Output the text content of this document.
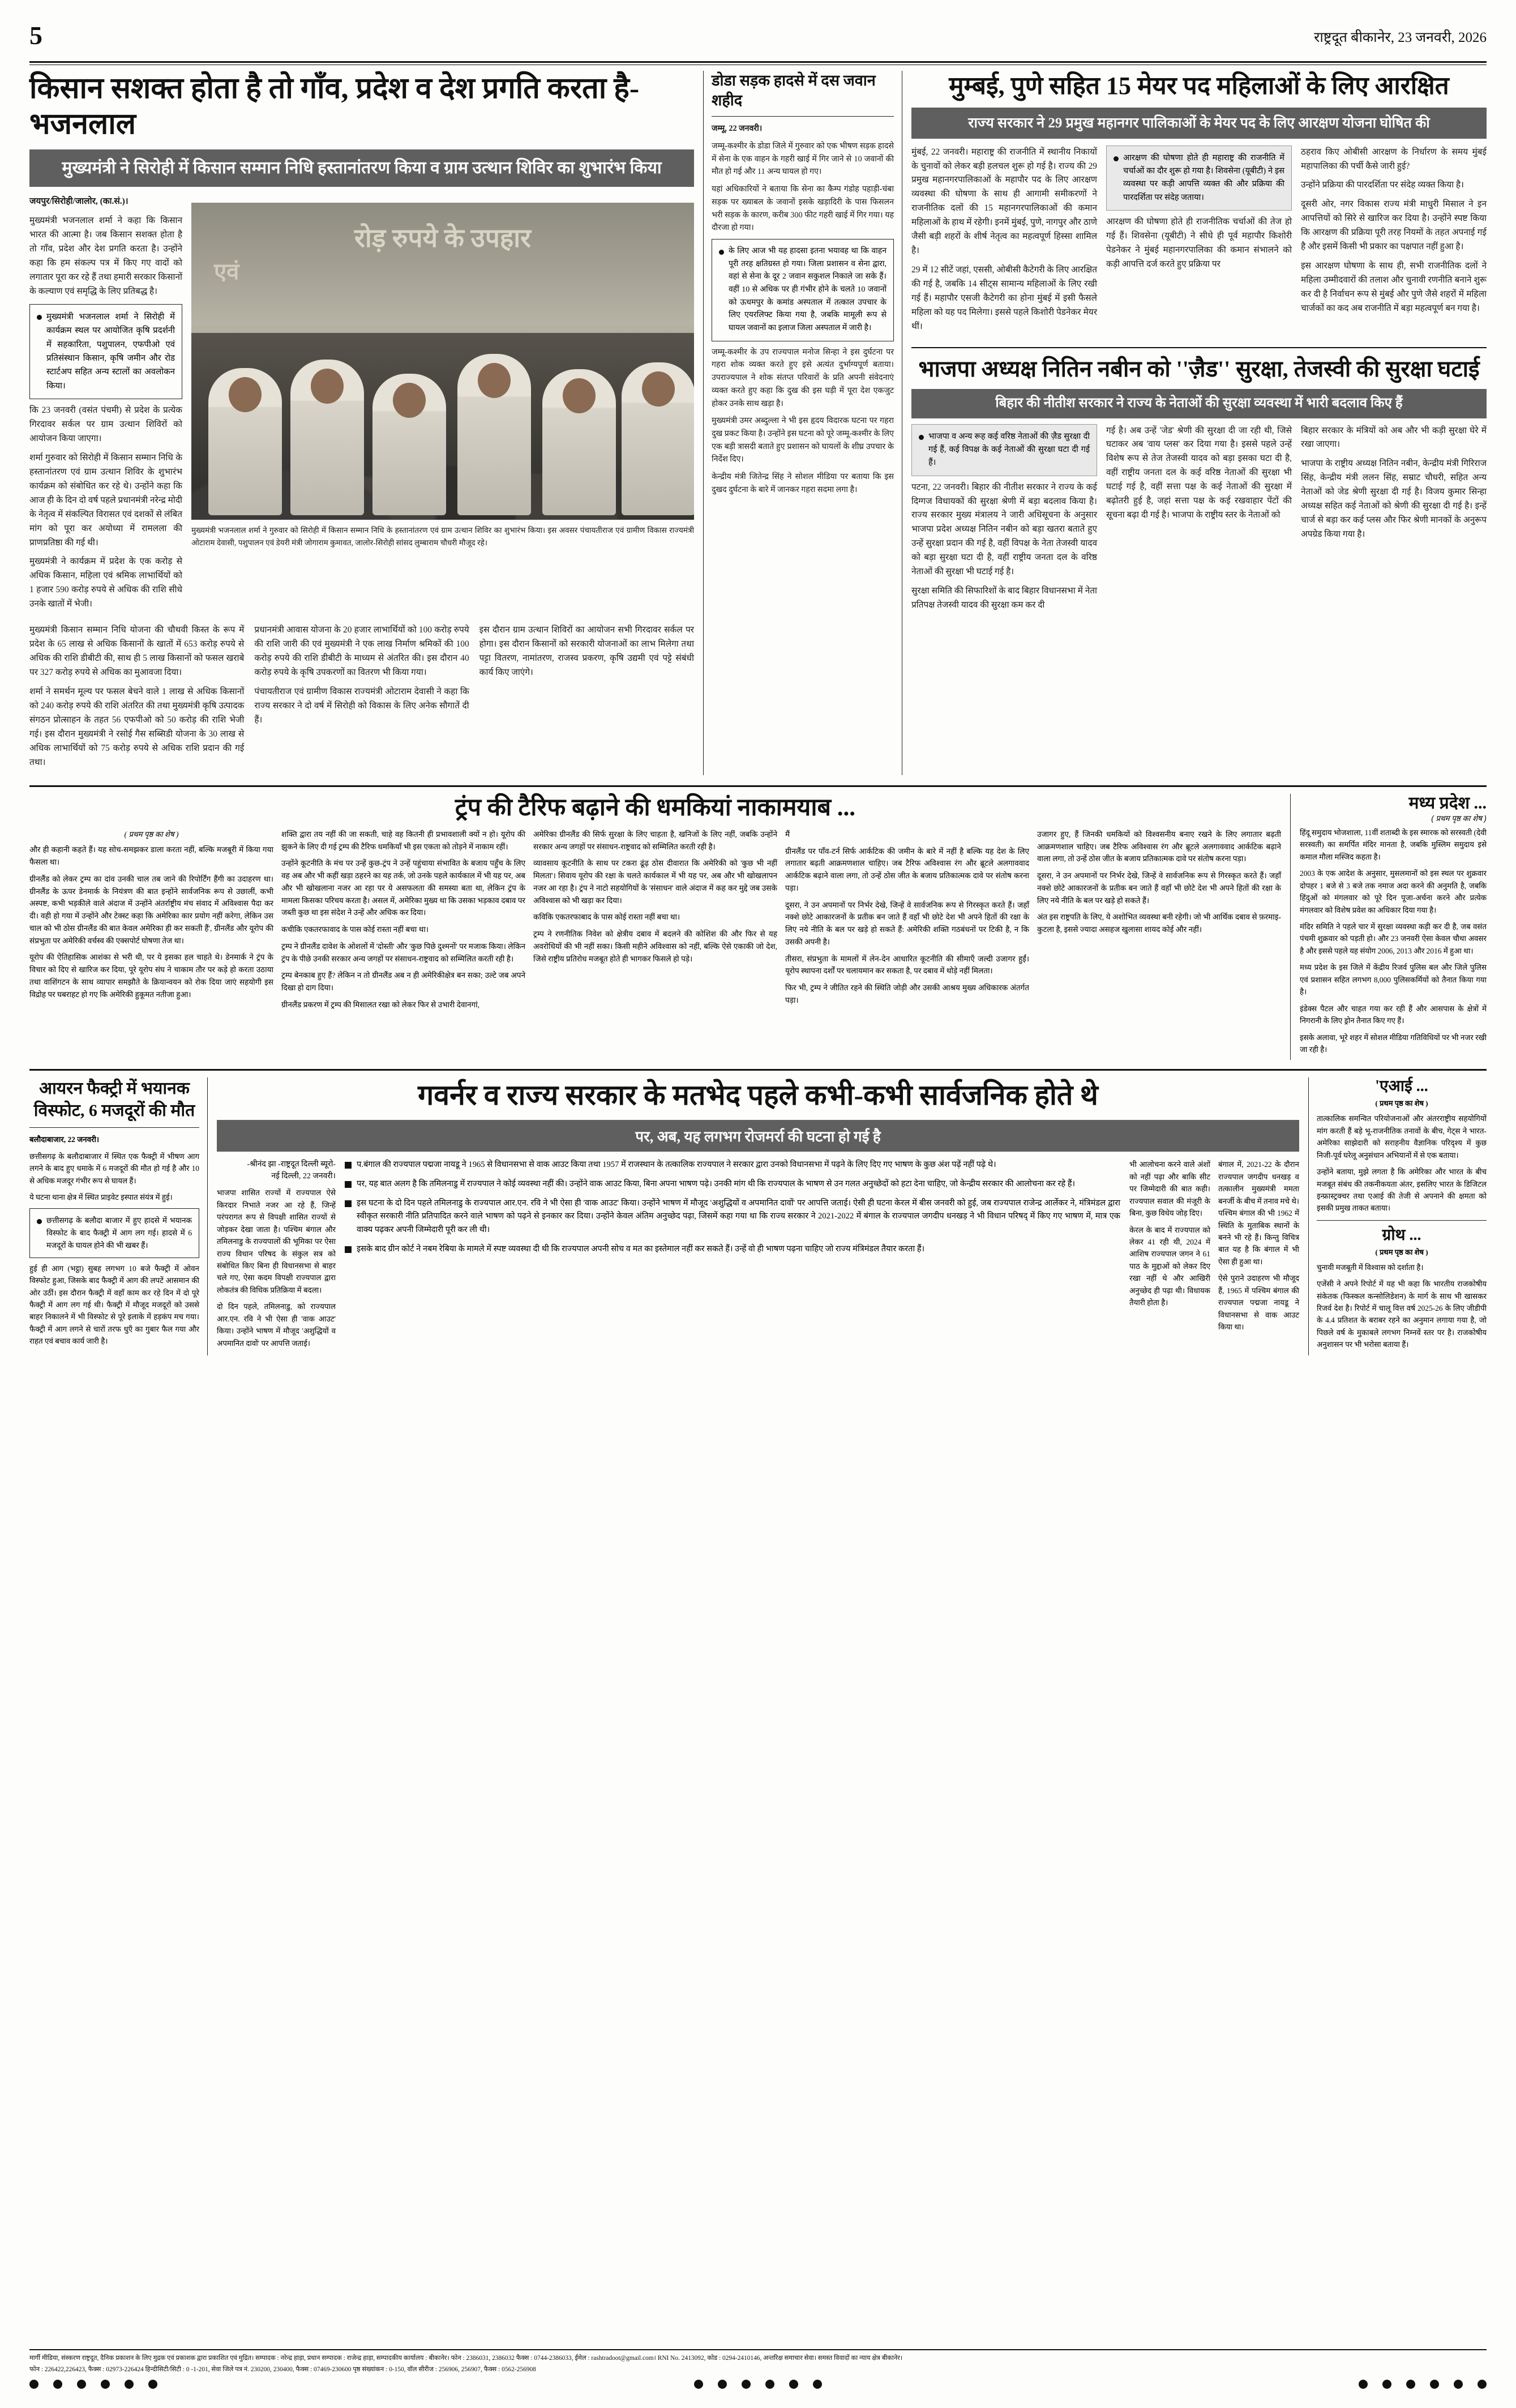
5	राष्ट्रदूत बीकानेर, 23 जनवरी, 2026
किसान सशक्त होता है तो गाँव, प्रदेश व देश प्रगति करता है- भजनलाल
मुख्यमंत्री ने सिरोही में किसान सम्मान निधि हस्तानांतरण किया व ग्राम उत्थान शिविर का शुभारंभ किया

जयपुर/सिरोही/जालोर, (का.सं.)।

मुख्यमंत्री भजनलाल शर्मा ने कहा कि किसान भारत की आत्मा है। जब किसान सशक्त होता है तो गाँव, प्रदेश और देश प्रगति करता है। उन्होंने कहा कि हम संकल्प पत्र में किए गए वादों को लगातार पूरा कर रहे हैं तथा हमारी सरकार किसानों के कल्याण एवं समृद्धि के लिए प्रतिबद्ध है।

मुख्यमंत्री भजनलाल शर्मा ने सिरोही में कार्यक्रम स्थल पर आयोजित कृषि प्रदर्शनी में सहकारिता, पशुपालन, एफपीओ एवं प्रतिसंस्थान किसान, कृषि जमीन और रोड स्टार्टअप सहित अन्य स्टालों का अवलोकन किया।

कि 23 जनवरी (वसंत पंचमी) से प्रदेश के प्रत्येक गिरदावर सर्कल पर ग्राम उत्थान शिविरों को आयोजन किया जाएगा।

शर्मा गुरुवार को सिरोही में किसान सम्मान निधि के हस्तानांतरण एवं ग्राम उत्थान शिविर के शुभारंभ कार्यक्रम को संबोधित कर रहे थे। उन्होंने कहा कि आज ही के दिन दो वर्ष पहले प्रधानमंत्री नरेन्द्र मोदी के नेतृत्व में संकल्पित विरासत एवं दशकों से लंबित मांग को पूरा कर अयोध्या में रामलला की प्राणप्रतिष्ठा की गई थी।

मुख्यमंत्री ने कार्यक्रम में प्रदेश के एक करोड़ से अधिक किसान, महिला एवं श्रमिक लाभार्थियों को 1 हजार 590 करोड़ रुपये से अधिक की राशि सीधे उनके खातों में भेजी।

रोड़ रुपये के उपहार
एवं
मुख्यमंत्री भजनलाल शर्मा ने गुरुवार को सिरोही में किसान सम्मान निधि के हस्तानांतरण एवं ग्राम उत्थान शिविर का शुभारंभ किया। इस अवसर पंचायतीराज एवं ग्रामीण विकास राज्यमंत्री ओटाराम देवासी, पशुपालन एवं डेयरी मंत्री जोगाराम कुमावत, जालोर-सिरोही सांसद लुम्बाराम चौधरी मौजूद रहे।

मुख्यमंत्री किसान सम्मान निधि योजना की चौथवी किस्त के रूप में प्रदेश के 65 लाख से अधिक किसानों के खातों में 653 करोड़ रुपये से अधिक की राशि डीबीटी की, साथ ही 5 लाख किसानों को फसल खराबे पर 327 करोड़ रुपये से अधिक का मुआवजा दिया।

शर्मा ने समर्थन मूल्य पर फसल बेचने वाले 1 लाख से अधिक किसानों को 240 करोड़ रुपये की राशि अंतरित की तथा मुख्यमंत्री कृषि उत्पादक संगठन प्रोत्साहन के तहत 56 एफपीओ को 50 करोड़ की राशि भेजी गई। इस दौरान मुख्यमंत्री ने रसोई गैस सब्सिडी योजना के 30 लाख से अधिक लाभार्थियों को 75 करोड़ रुपये से अधिक राशि प्रदान की गई तथा।

प्रधानमंत्री आवास योजना के 20 हजार लाभार्थियों को 100 करोड़ रुपये की राशि जारी की एवं मुख्यमंत्री ने एक लाख निर्माण श्रमिकों की 100 करोड़ रुपये की राशि डीबीटी के माध्यम से अंतरित की। इस दौरान 40 करोड़ रुपये के कृषि उपकरणों का वितरण भी किया गया।

पंचायतीराज एवं ग्रामीण विकास राज्यमंत्री ओटाराम देवासी ने कहा कि राज्य सरकार ने दो वर्ष में सिरोही को विकास के लिए अनेक सौगातें दी हैं।

इस दौरान ग्राम उत्थान शिविरों का आयोजन सभी गिरदावर सर्कल पर होगा। इस दौरान किसानों को सरकारी योजनाओं का लाभ मिलेगा तथा पट्टा वितरण, नामांतरण, राजस्व प्रकरण, कृषि उद्यमी एवं पट्टे संबंधी कार्य किए जाएंगे।

डोडा सड़क हादसे में दस जवान शहीद

जम्मू, 22 जनवरी।

जम्मू-कश्मीर के डोडा जिले में गुरुवार को एक भीषण सड़क हादसे में सेना के एक वाहन के गहरी खाई में गिर जाने से 10 जवानों की मौत हो गई और 11 अन्य घायल हो गए।

यहां अधिकारियों ने बताया कि सेना का कैम्प गंडोह पहाड़ी-चंबा सड़क पर ख्याबल के जवानों इसके खड़ादिरी के पास फिसलन भरी सड़क के कारण, करीब 300 फीट गहरी खाई में गिर गया। यह दौरजा हो गया।

के लिए आज भी यह हादसा इतना भयावह था कि वाहन पूरी तरह क्षतिग्रस्त हो गया। जिला प्रशासन व सेना द्वारा, वहां से सेना के दूर 2 जवान सकुशल निकाले जा सके हैं। वहीं 10 से अधिक पर ही गंभीर होने के चलते 10 जवानों को ऊधमपुर के कमांड अस्पताल में तत्काल उपचार के लिए एयरलिफ्ट किया गया है, जबकि मामूली रूप से घायल जवानों का इलाज जिला अस्पताल में जारी है।

जम्मू-कश्मीर के उप राज्यपाल मनोज सिन्हा ने इस दुर्घटना पर गहरा शोक व्यक्त करते हुए इसे अत्यंत दुर्भाग्यपूर्ण बताया। उपराज्यपाल ने शोक संतप्त परिवारों के प्रति अपनी संवेदनाएं व्यक्त करते हुए कहा कि दुख की इस घड़ी में पूरा देश एकजुट होकर उनके साथ खड़ा है।

मुख्यमंत्री उमर अब्दुल्ला ने भी इस हृदय विदारक घटना पर गहरा दुख प्रकट किया है। उन्होंने इस घटना को पूरे जम्मू-कश्मीर के लिए एक बड़ी त्रासदी बताते हुए प्रशासन को घायलों के शीघ्र उपचार के निर्देश दिए।

केन्द्रीय मंत्री जितेन्द्र सिंह ने सोशल मीडिया पर बताया कि इस दुखद दुर्घटना के बारे में जानकर गहरा सदमा लगा है।

मुम्बई, पुणे सहित 15 मेयर पद महिलाओं के लिए आरक्षित
राज्य सरकार ने 29 प्रमुख महानगर पालिकाओं के मेयर पद के लिए आरक्षण योजना घोषित की

मुंबई, 22 जनवरी। महाराष्ट्र की राजनीति में स्थानीय निकायों के चुनावों को लेकर बड़ी हलचल शुरू हो गई है। राज्य की 29 प्रमुख महानगरपालिकाओं के महापौर पद के लिए आरक्षण व्यवस्था की घोषणा के साथ ही आगामी समीकरणों ने राजनीतिक दलों की 15 महानगरपालिकाओं की कमान महिलाओं के हाथ में रहेगी। इनमें मुंबई, पुणे, नागपुर और ठाणे जैसी बड़ी शहरों के शीर्ष नेतृत्व का महत्वपूर्ण हिस्सा शामिल है।

29 में 12 सीटें जहां, एससी, ओबीसी कैटेगरी के लिए आरक्षित की गई है, जबकि 14 सीट्स सामान्य महिलाओं के लिए रखी गई हैं। महापौर एसजी कैटेगरी का होना मुंबई में इसी फैसले महिला को यह पद मिलेगा। इससे पहले किशोरी पेडनेकर मेयर थीं।

आरक्षण की घोषणा होते ही महाराष्ट्र की राजनीति में चर्चाओं का दौर शुरू हो गया है। शिवसेना (यूबीटी) ने इस व्यवस्था पर कड़ी आपत्ति व्यक्त की और प्रक्रिया की पारदर्शिता पर संदेह जताया।

आरक्षण की घोषणा होते ही राजनीतिक चर्चाओं की तेज हो गई हैं। शिवसेना (यूबीटी) ने सीधे ही पूर्व महापौर किशोरी पेडनेकर ने मुंबई महानगरपालिका की कमान संभालने को कड़ी आपत्ति दर्ज करते हुए प्रक्रिया पर

ठहराव किए ओबीसी आरक्षण के निर्धारण के समय मुंबई महापालिका की पर्ची कैसे जारी हुई?

उन्होंने प्रक्रिया की पारदर्शिता पर संदेह व्यक्त किया है।

दूसरी ओर, नगर विकास राज्य मंत्री माधुरी मिसाल ने इन आपत्तियों को सिरे से खारिज कर दिया है। उन्होंने स्पष्ट किया कि आरक्षण की प्रक्रिया पूरी तरह नियमों के तहत अपनाई गई है और इसमें किसी भी प्रकार का पक्षपात नहीं हुआ है।

इस आरक्षण घोषणा के साथ ही, सभी राजनीतिक दलों ने महिला उम्मीदवारों की तलाश और चुनावी रणनीति बनाने शुरू कर दी है निर्वाचन रूप से मुंबई और पुणे जैसे शहरों में महिला चार्जकों का कद अब राजनीति में बड़ा महत्वपूर्ण बन गया है।

भाजपा अध्यक्ष नितिन नबीन को ''ज़ैड'' सुरक्षा, तेजस्वी की सुरक्षा घटाई
बिहार की नीतीश सरकार ने राज्य के नेताओं की सुरक्षा व्यवस्था में भारी बदलाव किए हैं
भाजपा व अन्य रूह कई वरिष्ठ नेताओं की ज़ैड सुरक्षा दी गई हैं, कई विपक्ष के कई नेताओं की सुरक्षा घटा दी गई हैं।

पटना, 22 जनवरी। बिहार की नीतीश सरकार ने राज्य के कई दिग्गज विधायकों की सुरक्षा श्रेणी में बड़ा बदलाव किया है। राज्य सरकार मुख्य मंत्रालय ने जारी अधिसूचना के अनुसार भाजपा प्रदेश अध्यक्ष नितिन नबीन को बड़ा खतरा बताते हुए उन्हें सुरक्षा प्रदान की गई है, वहीं विपक्ष के नेता तेजस्वी यादव को बड़ा सुरक्षा घटा दी है, वहीं राष्ट्रीय जनता दल के वरिष्ठ नेताओं की सुरक्षा भी घटाई गई है।

सुरक्षा समिति की सिफारिशों के बाद बिहार विधानसभा में नेता प्रतिपक्ष तेजस्वी यादव की सुरक्षा कम कर दी

गई है। अब उन्हें 'जेड' श्रेणी की सुरक्षा दी जा रही थी, जिसे घटाकर अब 'वाय प्लस' कर दिया गया है। इससे पहले उन्हें विशेष रूप से तेज तेजस्वी यादव को बड़ा इसका घटा दी है, वहीं राष्ट्रीय जनता दल के कई वरिष्ठ नेताओं की सुरक्षा भी घटाई गई है, वहीं सत्ता पक्ष के कई नेताओं की सुरक्षा में बढ़ोतरी हुई है, जहां सत्ता पक्ष के कई रखवाहार पेंटों की सूचना बढ़ा दी गई है। भाजपा के राष्ट्रीय स्तर के नेताओं को

बिहार सरकार के मंत्रियों को अब और भी कड़ी सुरक्षा घेरे में रखा जाएगा।

भाजपा के राष्ट्रीय अध्यक्ष नितिन नबीन, केन्द्रीय मंत्री गिरिराज सिंह, केन्द्रीय मंत्री ललन सिंह, सम्राट चौधरी, सहित अन्य नेताओं को जेड श्रेणी सुरक्षा दी गई है। विजय कुमार सिन्हा अध्यक्ष सहित कई नेताओं को श्रेणी की सुरक्षा दी गई है। इन्हें चार्ज से बड़ा कर कई प्लस और फिर श्रेणी मानकों के अनुरूप अपग्रेड किया गया है।

ट्रंप की टैरिफ बढ़ाने की धमकियां नाकामयाब ...
( प्रथम पृष्ठ का शेष )

और ही कहानी कहते हैं। यह सोच-समझकर डाला करता नहीं, बल्कि मजबूरी में किया गया फैसला था।

ग्रीनलैंड को लेकर ट्रम्प का दांव उनकी चाल तब जाने की रिपोर्टिंग हैंगी का उदाहरण था। ग्रीनलैंड के ऊपर डेनमार्क के नियंत्रण की बात इन्होंने सार्वजनिक रूप से उछालीं, कभी अस्पष्ट, कभी भड़कीले वाले अंदाज में उन्होंने अंतर्राष्ट्रीय मंच संवाद में अविश्वास पैदा कर दी। वही हो गया में उन्होंने और टेक्स्ट कहा कि अमेरिका कार प्रयोग नहीं करेगा, लेकिन उस चाल को भी ठोस ग्रीनलैंड की बात केवल अमेरिका ही कर सकती हैं', ग्रीनलैंड और यूरोप की संप्रभुता पर अमेरिकी वर्चस्व की एक्सपोर्ट घोषणा तेज था।

यूरोप की ऐतिहासिक आशंका से भरी थी, पर ये इसका हल चाहते थे। डेनमार्क ने ट्रंप के विचार को दिए से खारिज कर दिया, पूरे यूरोप संघ ने चाकाम तौर पर कड़े हो करता उठाया तथा वाशिंगटन के साथ व्यापार समझौते के क्रियान्वयन को रोक दिया जाएं सहयोगी इस विद्रोह पर घबराहट हो गए कि अमेरिकी हुकूमत नतीजा हुआ।

शक्ति द्वारा तय नहीं की जा सकती, चाहे वह कितनी ही प्रभावशाली क्यों न हो। यूरोप की झुकने के लिए दी गई ट्रम्प की टैरिफ धमकियाँ भी इस एकता को तोड़ने में नाकाम रहीं।

उन्होंने कूटनीति के मंच पर उन्हें कुछ-ट्रंप ने उन्हें पहुंचाया संभावित के बजाय पहुँच के लिए वह अब और भी कहीं खड़ा ठहरने का यह तर्क, जो उनके पहले कार्यकाल में भी यह पर, अब और भी खोखलाना नजर आ रहा पर ये असफलता की समस्या बता था, लेकिन ट्रंप के मामला किसका परिचय करता है। असल में, अमेरिका मुख्य था कि उसका भड़काव दबाव पर जब्ती कुछ था इस संदेश ने उन्हें और अधिक कर दिया।

कचीकि एकतरफावाद के पास कोई रास्ता नहीं बचा था।

ट्रम्प ने ग्रीनलैंड दावेश के ओशलों में 'दोस्ती' और 'कुछ पिछे दुश्मनों' पर मजाक किया। लेकिन ट्रंप के पीछे उनकी सरकार अन्य जगहों पर संसाधन-राष्ट्रवाद को सम्मिलित करती रही है।

ट्रम्प बेनकाब हुए हैं? लेकिन न तो ग्रीनलैंड अब न ही अमेरिकीक्षेत्र बन सका; उल्टे जब अपने दिखा हो दाग दिया।

ग्रीनलैंड प्रकरण में ट्रम्प की मिसालत रखा को लेकर फिर से उभारी देवानगां,

अमेरिका ग्रीनलैंड की सिर्फ सुरक्षा के लिए चाहता है, खनिजों के लिए नहीं, जबकि उन्होंने सरकार अन्य जगहों पर संसाधन-राष्ट्रवाद को सम्मिलित करती रही है।

व्यावसाय कूटनीति के साथ पर टकरा ढूंढ़ ठोस दीवारात कि अमेरिकी को 'कुछ भी नहीं मिलता'। सिवाय यूरोप की रक्षा के चलते कार्यकाल में भी यह पर, अब और भी खोखलापन नजर आ रहा है। ट्रंप ने नाटो सहयोगियों के 'संसाधन' वाले अंदाज में कह कर मुद्दे जब उसके अविश्वास को भी खड़ा कर दिया।

कविकि एकतरफाबाद के पास कोई रास्ता नहीं बचा था।

ट्रम्प ने रणनीतिक निवेश को क्षेत्रीय दबाव में बदलने की कोशिश की और फिर से यह अवरोधियों की भी नहीं सका। किसी महीने अविश्वास को नहीं, बल्कि ऐसे एकाकी जो देश, जिसे राष्ट्रीय प्रतिरोध मजबूत होते ही भागकर फिसले हो पड़े।

मैं

ग्रीनलैंड पर पाँव-टर्न सिर्फ आर्कटिक की जमीन के बारे में नहीं है बल्कि यह देश के लिए लगातार बढ़ती आक्रमणशाल चाहिए। जब टैरिफ अविश्वास रंग और ब्रूटले अलगाववाद आर्कटिक बढ़ाने वाला लगा, तो उन्हें ठोस जीत के बजाय प्रतिकात्मक दावे पर संतोष करना पड़ा।

दूसरा, ने उन अपमानों पर निर्भर देखे, जिन्हें वे सार्वजनिक रूप से गिरस्कृत करते हैं। जहाँ नक्शे छोटे आकारजनों के प्रतीक बन जाते हैं वहाँ भी छोटे देश भी अपने हितों की रक्षा के लिए नये नीति के बल पर खड़े हो सकते हैं: अमेरिकी शक्ति गठबंधनों पर टिकी है, न कि उसकी अपनी है।

तीसरा, संप्रभुता के मामलों में लेन-देन आधारित कूटनीति की सीमाएँ जल्दी उजागर हुईं। यूरोप स्थापना दर्शों पर चलायमान कर सकता है, पर दबाव में थोड़े नहीं मिलता।

फिर भी, ट्रम्प ने जीतित रहने की स्थिति जोड़ी और उसकी आश्रय मुख्य अधिकारक अंतर्गत पड़ा।

उजागर हुए, हैं जिनकी धमकियों को विश्वसनीय बनाए रखने के लिए लगातार बढ़ती आक्रमणशाल चाहिए। जब टैरिफ अविश्वास रंग और ब्रूटले अलगाववाद आर्कटिक बढ़ाने वाला लगा, तो उन्हें ठोस जीत के बजाय प्रतिकात्मक दावे पर संतोष करना पड़ा।

दूसरा, ने उन अपमानों पर निर्भर देखे, जिन्हें वे सार्वजनिक रूप से गिरस्कृत करते हैं। जहाँ नक्शे छोटे आकारजनों के प्रतीक बन जाते हैं वहाँ भी छोटे देश भी अपने हितों की रक्षा के लिए नये नीति के बल पर खड़े हो सकते हैं।

अंत इस राष्ट्रपति के लिए, ये अशोभित व्यवस्था बनी रहेगी। जो भी आर्थिक दबाव से फ़रमाइ-कुटला है, इससे ज्यादा असहज खुलासा शायद कोई और नहीं।

मध्य प्रदेश ...
( प्रथम पृष्ठ का शेष )

हिंदू समुदाय भोजशाला, 11वीं शताब्दी के इस स्मारक को सरस्वती (देवी सरस्वती) का समर्पित मंदिर मानता है, जबकि मुस्लिम समुदाय इसे कमाल मौला मस्जिद कहता है।

2003 के एक आदेश के अनुसार, मुसलमानों को इस स्थल पर शुक्रवार दोपहर 1 बजे से 3 बजे तक नमाज अदा करने की अनुमति है, जबकि हिंदुओं को मंगलवार को पूरे दिन पूजा-अर्चना करने और प्रत्येक मंगलवार को विशेष प्रवेश का अधिकार दिया गया है।

मंदिर समिति ने पहले चार में सुरक्षा व्यवस्था कड़ी कर दी है, जब वसंत पंचमी शुक्रवार को पड़ती हो। और 23 जनवरी ऐसा केवल चौथा अवसर है और इससे पहले यह संयोग 2006, 2013 और 2016 में हुआ था।

मध्य प्रदेश के इस जिले में केंद्रीय रिजर्व पुलिस बल और जिले पुलिस एवं प्रशासन सहित लगभग 8,000 पुलिसकर्मियों को तैनात किया गया है।

इंडेक्स पैटल और चाहत गया कर रही हैं और आसपास के क्षेत्रों में निगरानी के लिए ड्रोन तैनात किए गए हैं।

इसके अलावा, भूरे शहर में सोशल मीडिया गतिविधियों पर भी नजर रखी जा रही है।

आयरन फैक्ट्री में भयानक विस्फोट, 6 मजदूरों की मौत

बलौदाबाजार, 22 जनवरी।

छत्तीसगढ़ के बलौदाबाजार में स्थित एक फैक्ट्री में भीषण आग लगने के बाद हुए धमाके में 6 मजदूरों की मौत हो गई है और 10 से अधिक मजदूर गंभीर रूप से घायल हैं।

ये घटना थाना क्षेत्र में स्थित प्राइवेट इस्पात संयंत्र में हुई।

छत्तीसगढ़ के बलौदा बाजार में हुए हादसे में भयानक विस्फोट के बाद फैक्ट्री में आग लग गई। हादसे में 6 मजदूरों के घायल होने की भी खबर हैं।

हुई ही आग (भट्ठा) सुबह लगभग 10 बजे फैक्ट्री में ओवन विस्फोट हुआ, जिसके बाद फैक्ट्री में आग की लपटें आसमान की ओर उठीं। इस दौरान फैक्ट्री में वहाँ काम कर रहे दिन में दो पूरे फैक्ट्री में आग लग गई थी। फैक्ट्री में मौजूद मजदूरों को उससे बाहर निकालने में भी विस्फोट से पूरे इलाके में हड़कंप मच गया। फैक्ट्री में आग लगने से चारों तरफ धुएँ का गुबार फैल गया और राहत एवं बचाव कार्य जारी है।

गवर्नर व राज्य सरकार के मतभेद पहले कभी-कभी सार्वजनिक होते थे
पर, अब, यह लगभग रोजमर्रा की घटना हो गई है
-श्रीनंद झा -राष्ट्रदूत दिल्ली ब्यूरो-
नई दिल्ली, 22 जनवरी।

भाजपा शासित राज्यों में राज्यपाल ऐसे किरदार निभाते नजर आ रहे हैं, जिन्हें परंपरागत रूप से विपक्षी शासित राज्यों से जोड़कर देखा जाता है। पश्चिम बंगाल और तमिलनाडु के राज्यपालों की भूमिका पर ऐसा राज्य विधान परिषद के संकुल सत्र को संबोधित किए बिना ही विधानसभा से बाहर चले गए, ऐसा कदम विपक्षी राज्यपाल द्वारा लोकतंत्र की विधिक प्रतिक्रिया में बदला।

दो दिन पहले, तमिलनाडु, को राज्यपाल आर.एन. रवि ने भी ऐसा ही 'वाक आउट' किया। उन्होंने भाषण में मौजूद 'अशुद्धियों व अपमानित दावों' पर आपत्ति जताई।

प.बंगाल की राज्यपाल पद्मजा नायडू ने 1965 से विधानसभा से वाक आउट किया तथा 1957 में राजस्थान के तत्कालिक राज्यपाल ने सरकार द्वारा उनको विधानसभा में पढ़ने के लिए दिए गए भाषण के कुछ अंश पढ़ें नहीं पढ़े थे।
पर, यह बात अलग है कि तमिलनाडु में राज्यपाल ने कोई व्यवस्था नहीं की। उन्होंने वाक आउट किया, बिना अपना भाषण पढ़े। उनकी मांग थी कि राज्यपाल के भाषण से उन गलत अनुच्छेदों को हटा देना चाहिए, जो केन्द्रीय सरकार की आलोचना कर रहे हैं।
इस घटना के दो दिन पहले तमिलनाडु के राज्यपाल आर.एन. रवि ने भी ऐसा ही 'वाक आउट' किया। उन्होंने भाषण में मौजूद 'अशुद्धियों व अपमानित दावों' पर आपत्ति जताई। ऐसी ही घटना केरल में बीस जनवरी को हुई, जब राज्यपाल राजेन्द्र आर्लेकर ने, मंत्रिमंडल द्वारा स्वीकृत सरकारी नीति प्रतिपादित करने वाले भाषण को पढ़ने से इनकार कर दिया। उन्होंने केवल अंतिम अनुच्छेद पढ़ा, जिसमें कहा गया था कि राज्य सरकार ने 2021-2022 में बंगाल के राज्यपाल जगदीप धनखड़ ने भी विधान परिषद् में किए गए भाषण में, मात्र एक वाक्य पढ़कर अपनी जिम्मेदारी पूरी कर ली थी।
इसके बाद ग्रीन कोर्ट ने नबम रेबिया के मामले में स्पष्ट व्यवस्था दी थी कि राज्यपाल अपनी सोच व मत का इस्तेमाल नहीं कर सकते हैं। उन्हें वो ही भाषण पढ़ना चाहिए जो राज्य मंत्रिमंडल तैयार करता हैं।

भी आलोचना करने वाले अंशों को नहीं पढ़ा और बाकि सीट पर जिम्मेदारी की बात कही। राज्यपाल सवाल की मंजूरी के बिना, कुछ विधेय जोड़ दिए।

केरल के बाद में राज्यपाल को लेकर 41 रही थी, 2024 में आशिष राज्यपाल जगन ने 61 पाठ के मुद्दाओं को लेकर दिए रखा नहीं थे और आखिरी अनुच्छेद ही पढ़ा थी। विधायक तैयारी होता है।

बंगाल में, 2021-22 के दौरान राज्यपाल जगदीप धनखड़ व तत्कालीन मुख्यमंत्री ममता बनर्जी के बीच में तनाव मचे थे। पश्चिम बंगाल की भी 1962 में स्थिति के मुताबिक स्थानों के बनने भी रहे हैं। किन्तु विचित्र बात यह है कि बंगाल में भी ऐसा ही हुआ था।

ऐसे पुराने उदाहरण भी मौजूद हैं, 1965 में पश्चिम बंगाल की राज्यपाल पद्मजा नायडू ने विधानसभा से वाक आउट किया था।

'एआई ...
( प्रथम पृष्ठ का शेष )

तात्कालिक समन्वित परियोजनाओं और अंतरराष्ट्रीय सहयोगियों मांग करती हैं बड़े भू-राजनीतिक तनावों के बीच, गेट्स ने भारत-अमेरिका साझेदारी को सराहनीय वैज्ञानिक परिदृश्य में कुछ निजी-पूर्व घरेलू अनुसंधान अभियानों में से एक बताया।

उन्होंने बताया, मुझे लगता है कि अमेरिका और भारत के बीच मजबूत संबंध की तकनीकयता अंतर, इसलिए भारत के डिजिटल इन्फ्रास्ट्रक्चर तथा एआई की तेजी से अपनाने की क्षमता को इसकी प्रमुख ताकत बताया।

ग्रोथ ...
( प्रथम पृष्ठ का शेष )

चुनावी मजबूती में विश्वास को दर्शाता है।

एजेंसी ने अपने रिपोर्ट में यह भी कहा कि भारतीय राजकोषीय संकेतक (फिस्कल कन्सोलिडेशन) के मार्ग के साथ भी खासकर रिजर्व देश है। रिपोर्ट में चालू वित्त वर्ष 2025-26 के लिए जीडीपी के 4.4 प्रतिशत के बराबर रहने का अनुमान लगाया गया है, जो पिछले वर्ष के मुकाबले लगभग निम्नवें स्तर पर है। राजकोषीय अनुशासन पर भी भरोसा बताया हैं।

मार्गी मीडिया, संस्करण राष्ट्रदूत, दैनिक प्रकाशन के लिए मुद्रक एवं प्रकाशक द्वारा प्रकाशित एवं मुद्रित। सम्पादक : नरेन्द्र हाड़ा, प्रधान सम्पादक : राजेन्द्र हाड़ा, सम्पादकीय कार्यालय : बीकानेर। फोन : 2386031, 2386032 फैक्स : 0744-2386033, ईमेल : rashtradoot@gmail.com। RNI No. 2413092, कोड : 0294-2410146, अन्तरिक्ष समाचार सेवा। समस्त विवादों का न्याय क्षेत्र बीकानेर।
फोन : 226422,226423, फैक्स : 02973-226424 हिन्दीसिटी/सिटी : 0 -1-201, सेवा जिले पत्र नं. 230200, 230400, फैक्स : 07469-230600 पृष्ठ संख्यांकन : 0-150, वॉल सीरीज : 256906, 256907, फैक्स : 0562-256908
